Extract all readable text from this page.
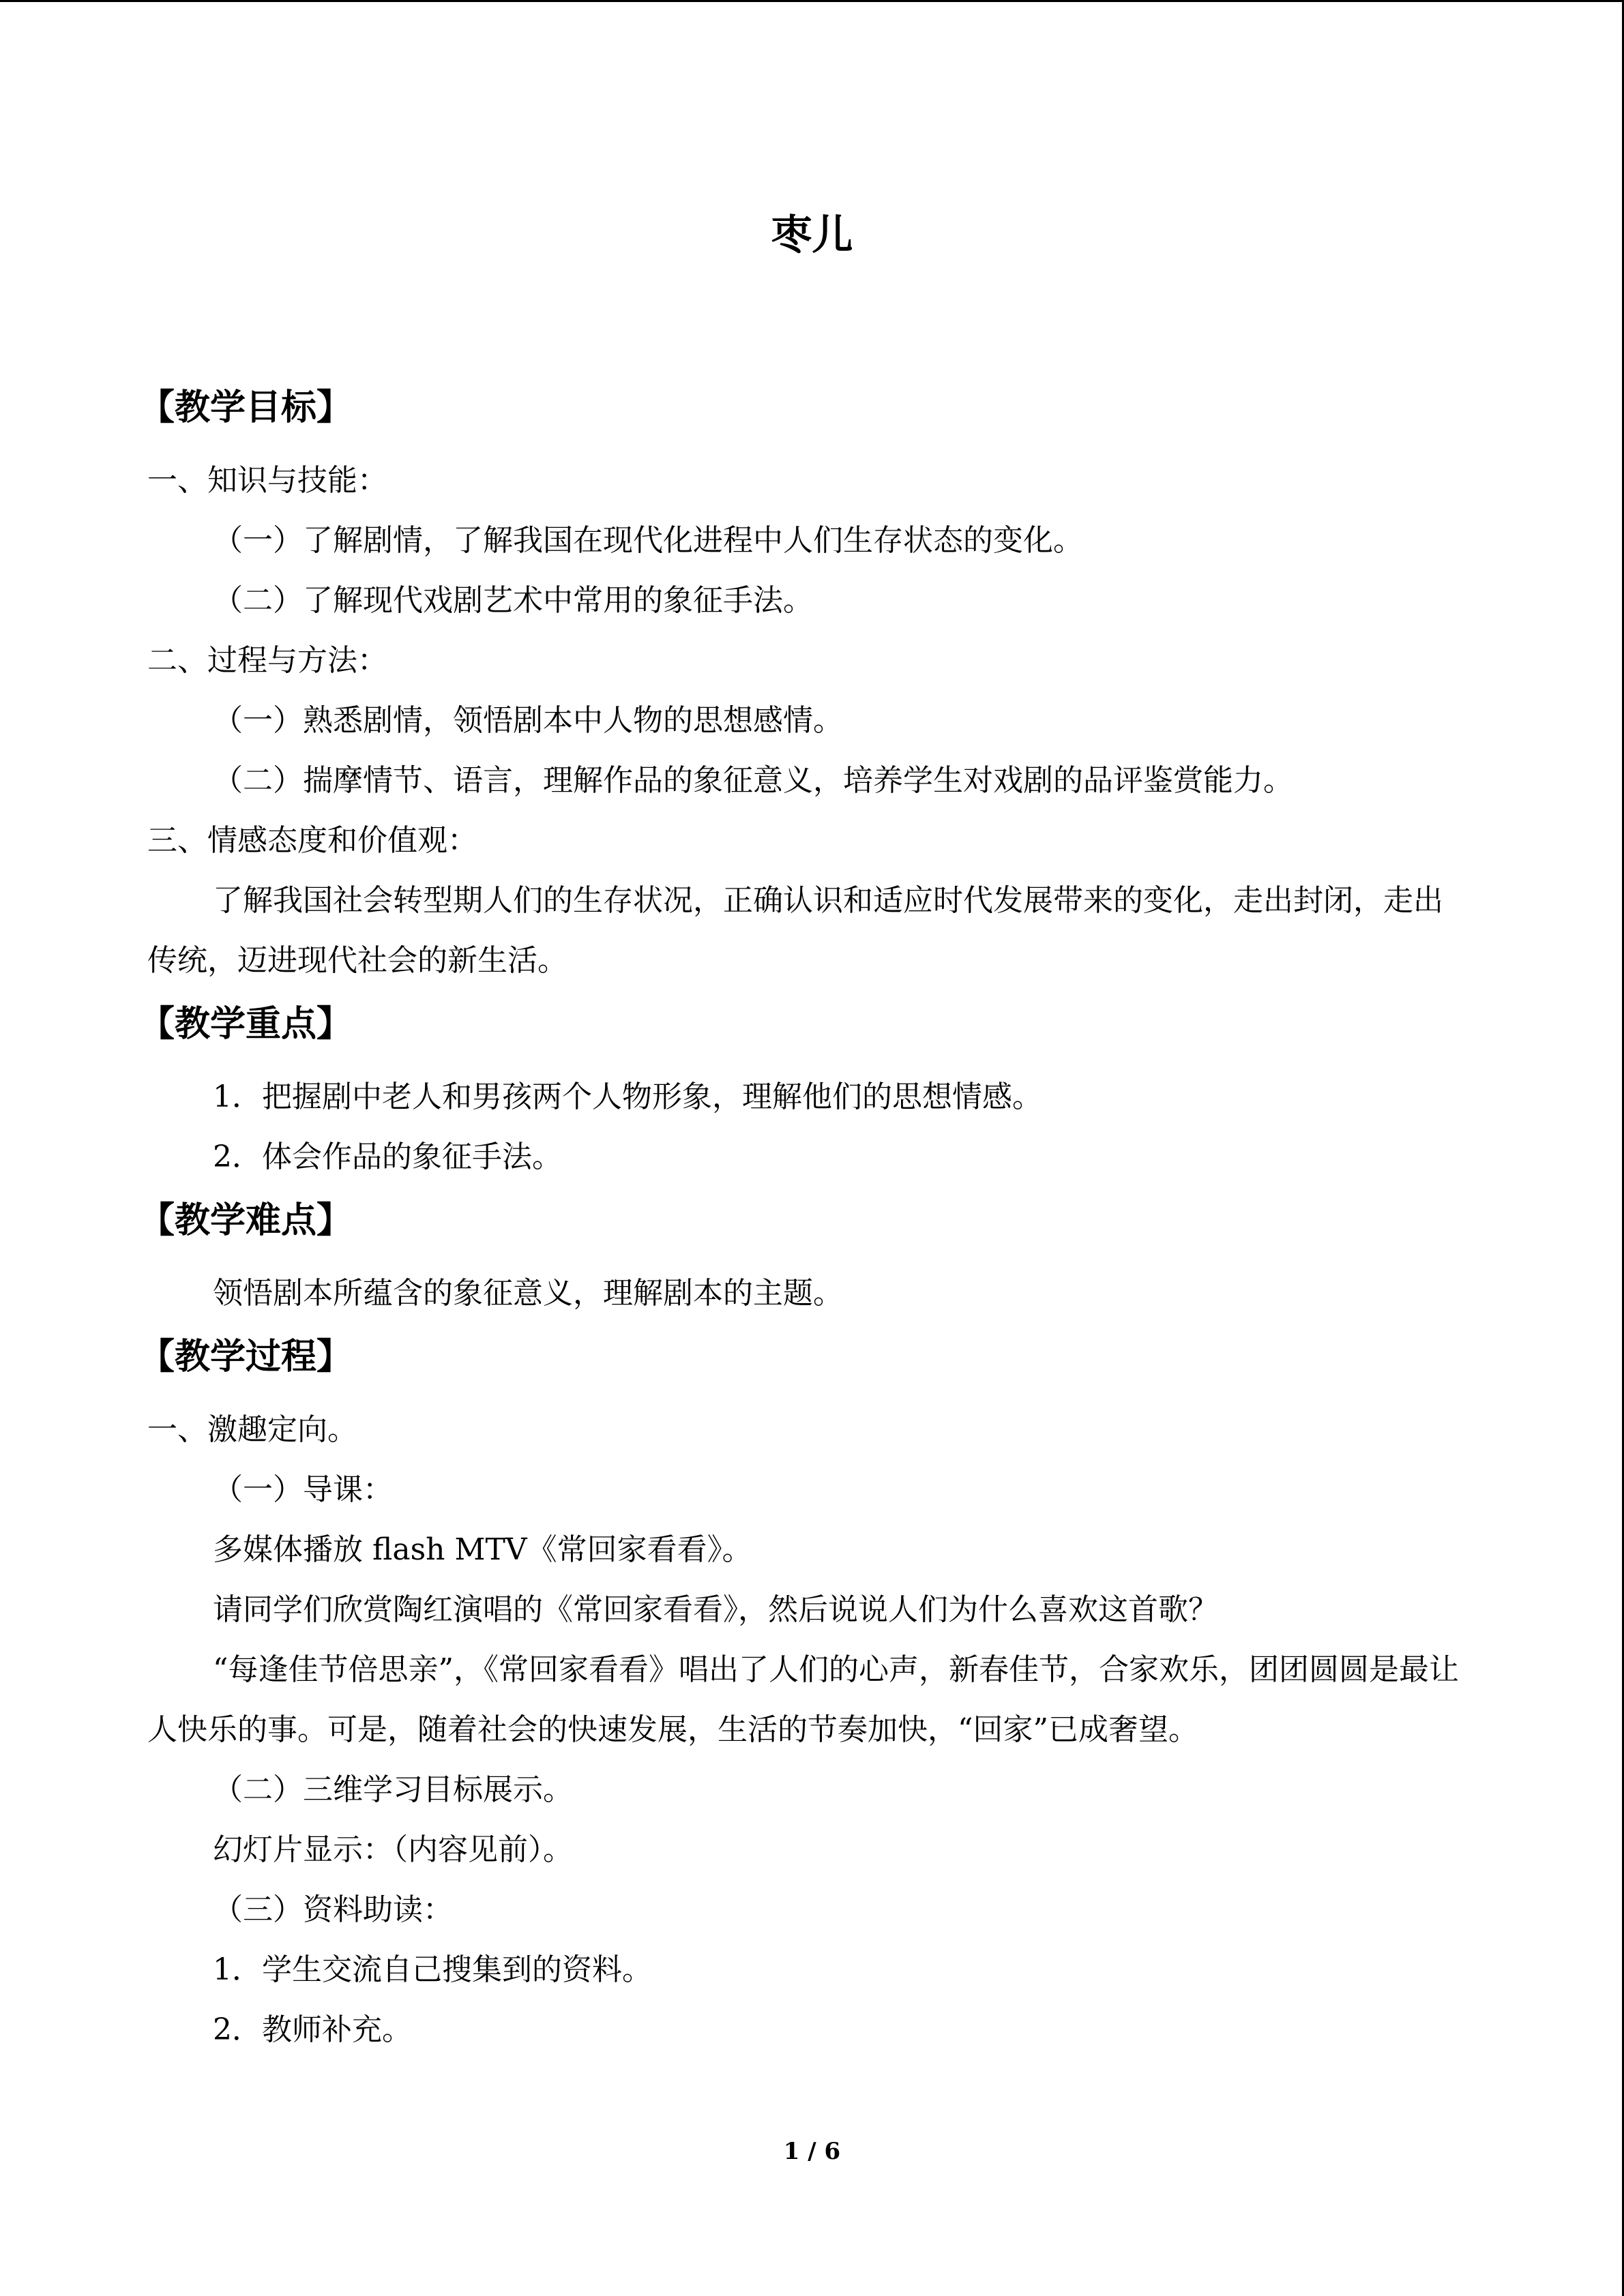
枣儿
【教学目标】

一、知识与技能：

（一）了解剧情，了解我国在现代化进程中人们生存状态的变化。

（二）了解现代戏剧艺术中常用的象征手法。

二、过程与方法：

（一）熟悉剧情，领悟剧本中人物的思想感情。

（二）揣摩情节、语言，理解作品的象征意义，培养学生对戏剧的品评鉴赏能力。

三、情感态度和价值观：

了解我国社会转型期人们的生存状况，正确认识和适应时代发展带来的变化，走出封闭，走出传统，迈进现代社会的新生活。

【教学重点】

1．把握剧中老人和男孩两个人物形象，理解他们的思想情感。

2．体会作品的象征手法。

【教学难点】

领悟剧本所蕴含的象征意义，理解剧本的主题。

【教学过程】

一、激趣定向。

（一）导课：

多媒体播放 flash MTV《常回家看看》。

请同学们欣赏陶红演唱的《常回家看看》，然后说说人们为什么喜欢这首歌？

“每逢佳节倍思亲”，《常回家看看》唱出了人们的心声，新春佳节，合家欢乐，团团圆圆是最让人快乐的事。可是，随着社会的快速发展，生活的节奏加快，“回家”已成奢望。

（二）三维学习目标展示。

幻灯片显示：（内容见前）。

（三）资料助读：

1．学生交流自己搜集到的资料。

2．教师补充。

1 / 6
